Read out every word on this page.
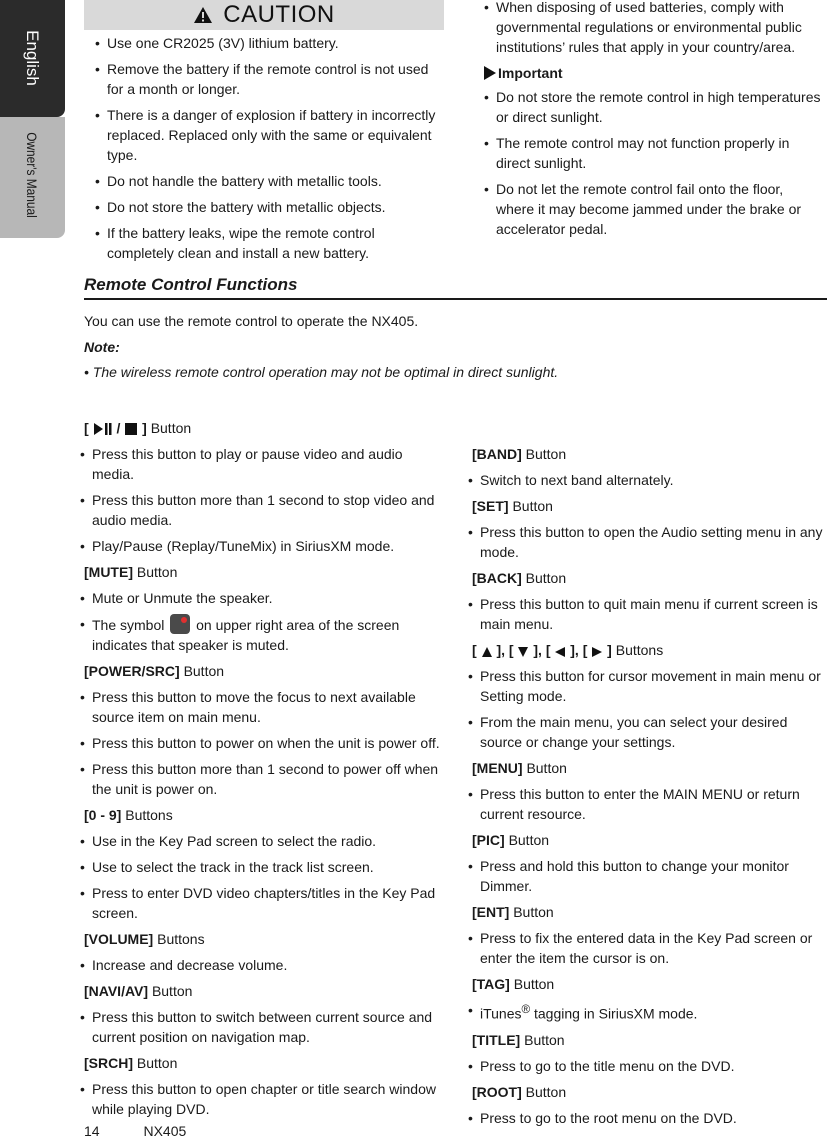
English
Owner's Manual
CAUTION
• Use one CR2025 (3V) lithium battery.
• Remove the battery if the remote control is not used for a month or longer.
• There is a danger of explosion if battery in incorrectly replaced. Replaced only with the same or equivalent type.
• Do not handle the battery with metallic tools.
• Do not store the battery with metallic objects.
• If the battery leaks, wipe the remote control completely clean and install a new battery.
• When disposing of used batteries, comply with governmental regulations or environmental public institutions’ rules that apply in your country/area.
Important
• Do not store the remote control in high temperatures or direct sunlight.
• The remote control may not function properly in direct sunlight.
• Do not let the remote control fail onto the floor, where it may become jammed under the brake or accelerator pedal.
Remote Control Functions
You can use the remote control to operate the NX405.
Note:
• The wireless remote control operation may not be optimal in direct sunlight.
[ / ] Button
• Press this button to play or pause video and audio media.
• Press this button more than 1 second to stop video and audio media.
• Play/Pause (Replay/TuneMix) in SiriusXM mode.
[MUTE] Button
• Mute or Unmute the speaker.
• The symbol on upper right area of the screen indicates that speaker is muted.
[POWER/SRC] Button
• Press this button to move the focus to next available source item on main menu.
• Press this button to power on when the unit is power off.
• Press this button more than 1 second to power off when the unit is power on.
[0 - 9] Buttons
• Use in the Key Pad screen to select the radio.
• Use to select the track in the track list screen.
• Press to enter DVD video chapters/titles in the Key Pad screen.
[VOLUME] Buttons
• Increase and decrease volume.
[NAVI/AV] Button
• Press this button to switch between current source and current position on navigation map.
[SRCH] Button
• Press this button to open chapter or title search window while playing DVD.
[BAND] Button
• Switch to next band alternately.
[SET] Button
• Press this button to open the Audio setting menu in any mode.
[BACK] Button
• Press this button to quit main menu if current screen is main menu.
[ ], [ ], [ ], [ ] Buttons
• Press this button for cursor movement in main menu or Setting mode.
• From the main menu, you can select your desired source or change your settings.
[MENU] Button
• Press this button to enter the MAIN MENU or return current resource.
[PIC] Button
• Press and hold this button to change your monitor Dimmer.
[ENT] Button
• Press to fix the entered data in the Key Pad screen or enter the item the cursor is on.
[TAG] Button
• iTunes® tagging in SiriusXM mode.
[TITLE] Button
• Press to go to the title menu on the DVD.
[ROOT] Button
• Press to go to the root menu on the DVD.
14	NX405
